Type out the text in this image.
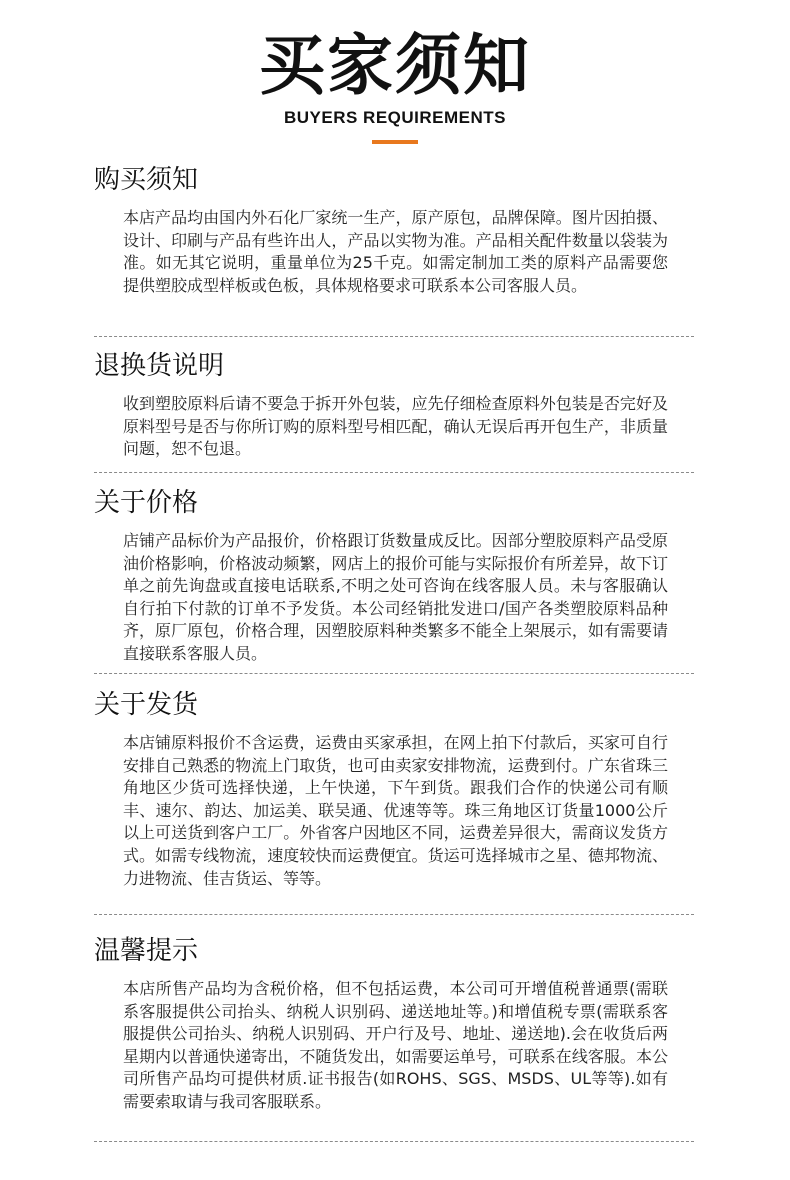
买家须知
BUYERS REQUIREMENTS
购买须知
本店产品均由国内外石化厂家统一生产，原产原包，品牌保障。图片因拍摄、设计、印刷与产品有些许出人，产品以实物为准。产品相关配件数量以袋装为准。如无其它说明，重量单位为25千克。如需定制加工类的原料产品需要您提供塑胶成型样板或色板，具体规格要求可联系本公司客服人员。
退换货说明
收到塑胶原料后请不要急于拆开外包装，应先仔细检查原料外包装是否完好及原料型号是否与你所订购的原料型号相匹配，确认无误后再开包生产，非质量问题，恕不包退。
关于价格
店铺产品标价为产品报价，价格跟订货数量成反比。因部分塑胶原料产品受原油价格影响，价格波动频繁，网店上的报价可能与实际报价有所差异，故下订单之前先询盘或直接电话联系,不明之处可咨询在线客服人员。未与客服确认自行拍下付款的订单不予发货。本公司经销批发进口/国产各类塑胶原料品种齐，原厂原包，价格合理，因塑胶原料种类繁多不能全上架展示，如有需要请直接联系客服人员。
关于发货
本店铺原料报价不含运费，运费由买家承担，在网上拍下付款后，买家可自行安排自己熟悉的物流上门取货，也可由卖家安排物流，运费到付。广东省珠三角地区少货可选择快递，上午快递，下午到货。跟我们合作的快递公司有顺丰、速尔、韵达、加运美、联吴通、优速等等。珠三角地区订货量1000公斤以上可送货到客户工厂。外省客户因地区不同，运费差异很大，需商议发货方式。如需专线物流，速度较快而运费便宜。货运可选择城市之星、德邦物流、力进物流、佳吉货运、等等。
温馨提示
本店所售产品均为含税价格，但不包括运费，本公司可开增值税普通票(需联系客服提供公司抬头、纳税人识别码、递送地址等。)和增值税专票(需联系客服提供公司抬头、纳税人识别码、开户行及号、地址、递送地).会在收货后两星期内以普通快递寄出，不随货发出，如需要运单号，可联系在线客服。本公司所售产品均可提供材质.证书报告(如ROHS、SGS、MSDS、UL等等).如有需要索取请与我司客服联系。
